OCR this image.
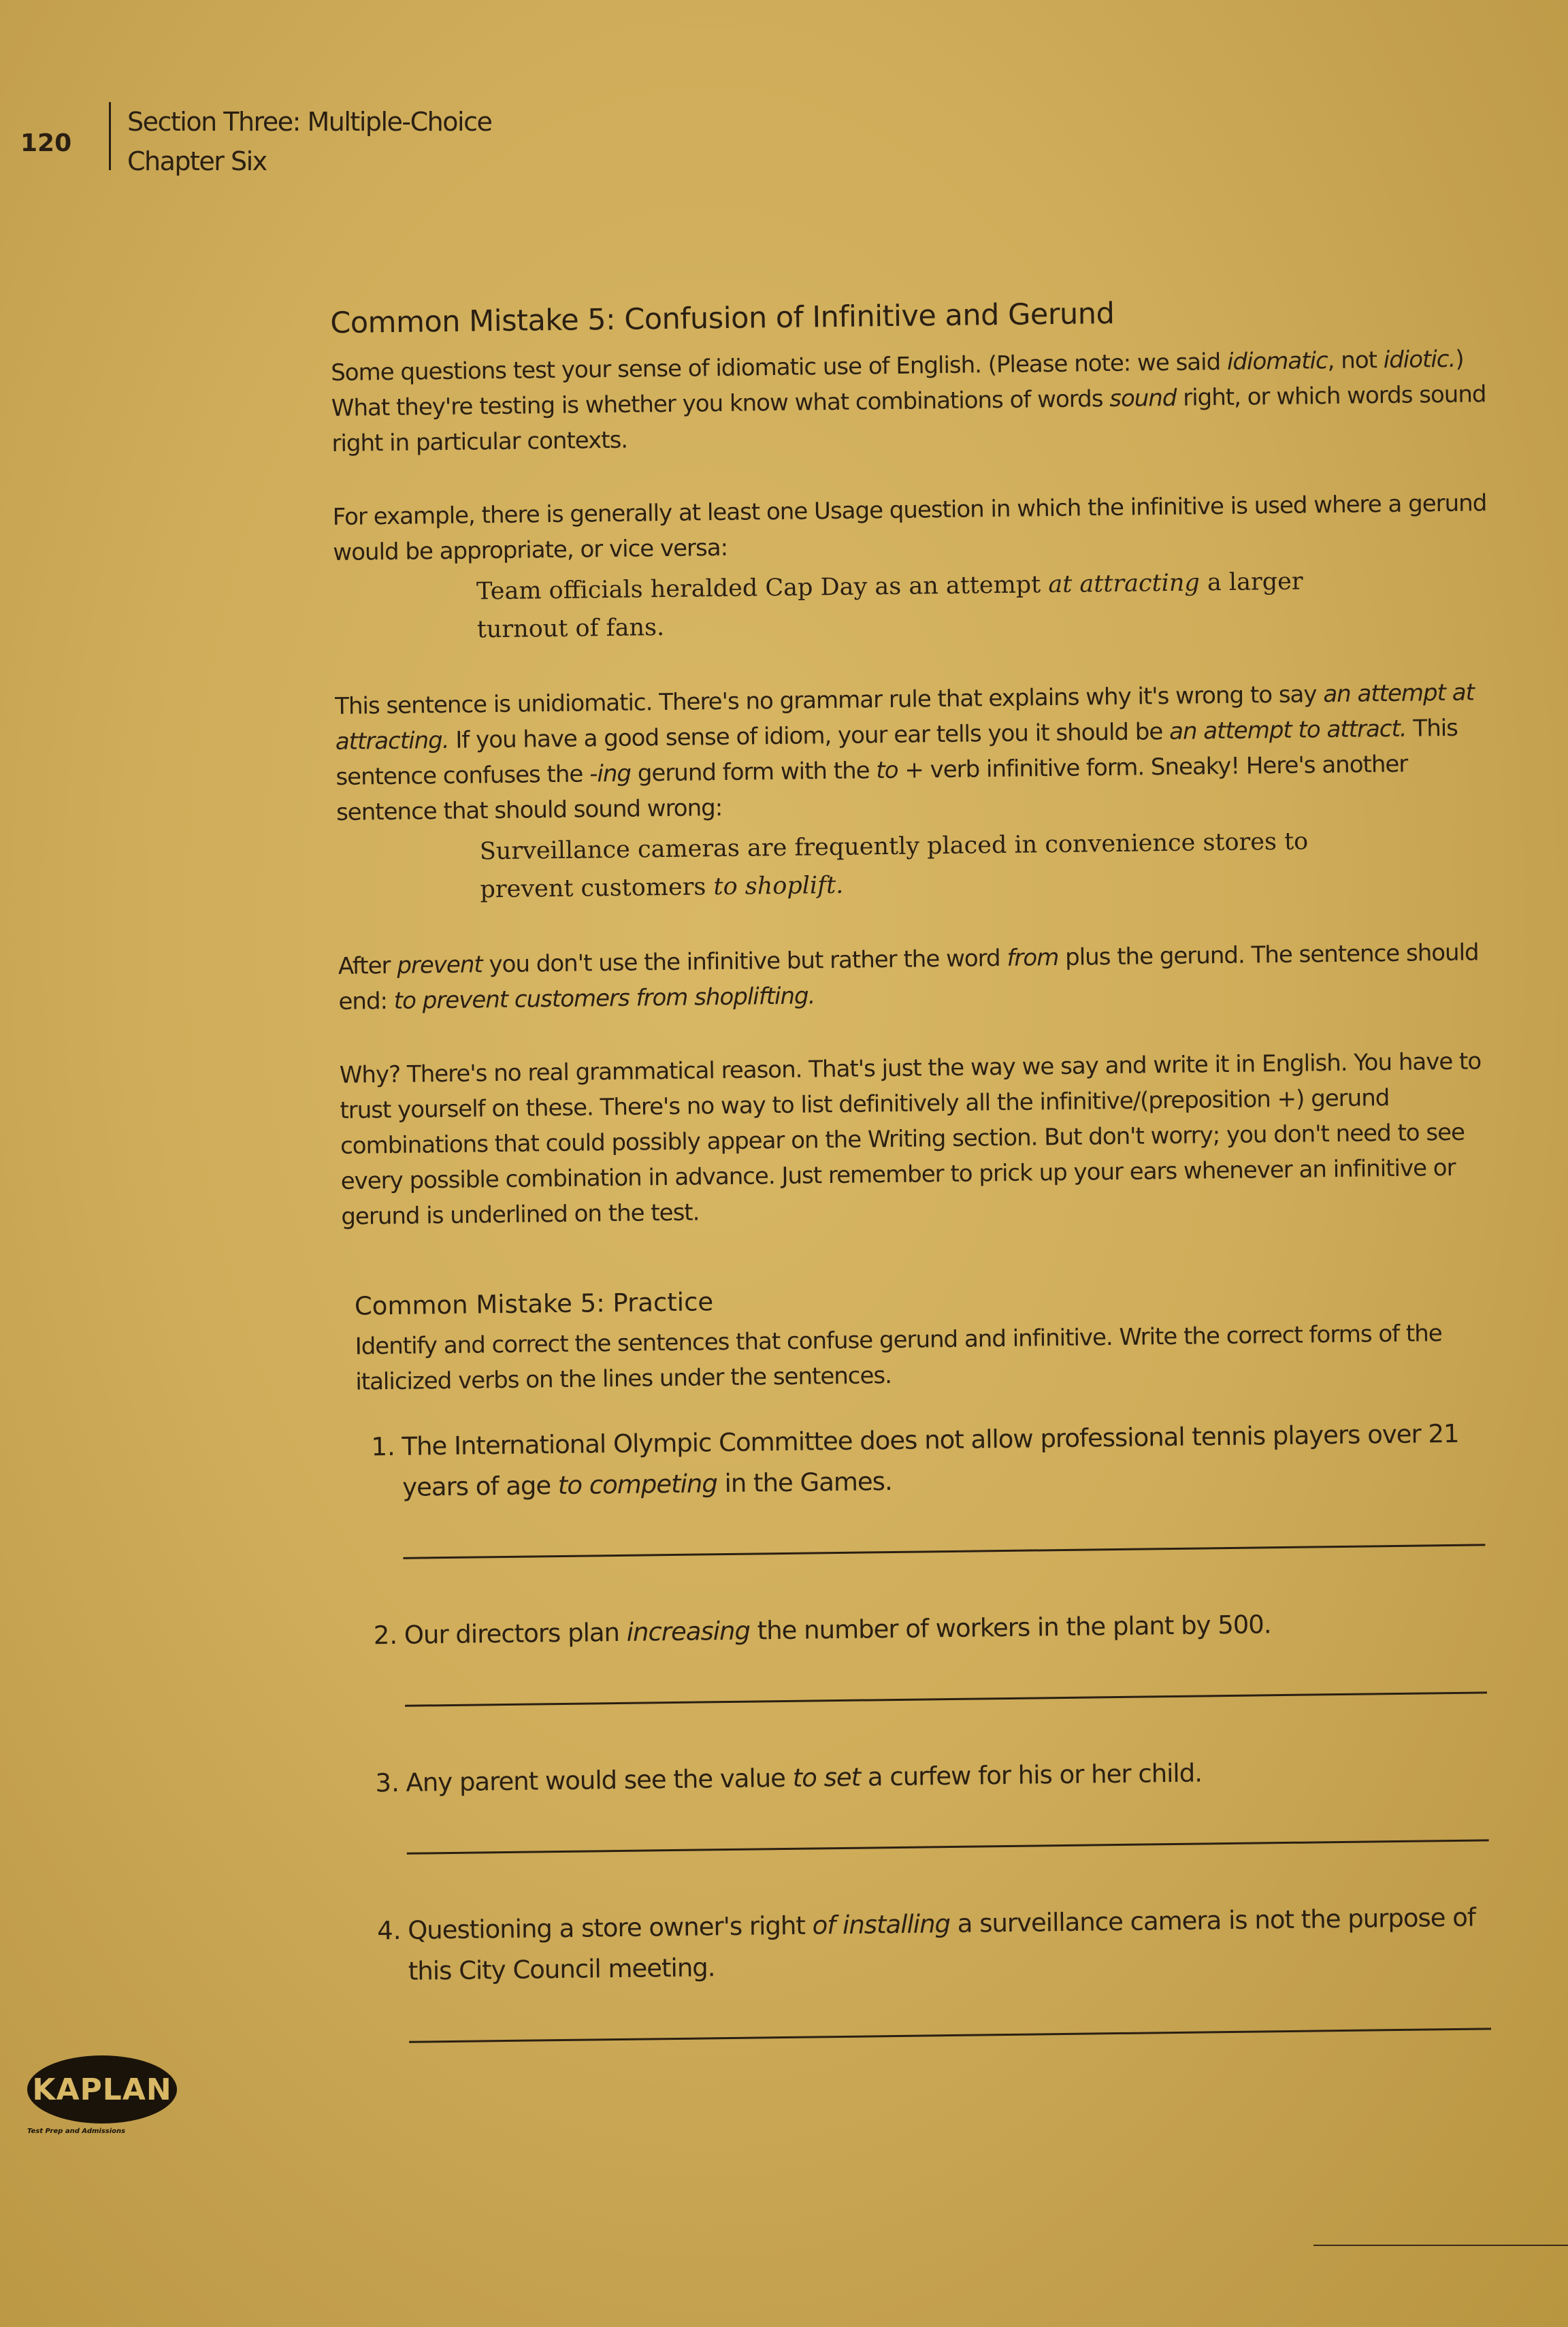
120
Section Three: Multiple-Choice
Chapter Six
Common Mistake 5: Confusion of Infinitive and Gerund

Some questions test your sense of idiomatic use of English. (Please note: we said idiomatic, not idiotic.) What they're testing is whether you know what combinations of words sound right, or which words sound right in particular contexts.

For example, there is generally at least one Usage question in which the infinitive is used where a gerund would be appropriate, or vice versa:

Team officials heralded Cap Day as an attempt at attracting a larger turnout of fans.

This sentence is unidiomatic. There's no grammar rule that explains why it's wrong to say an attempt at attracting. If you have a good sense of idiom, your ear tells you it should be an attempt to attract. This sentence confuses the -ing gerund form with the to + verb infinitive form. Sneaky! Here's another sentence that should sound wrong:

Surveillance cameras are frequently placed in convenience stores to prevent customers to shoplift.

After prevent you don't use the infinitive but rather the word from plus the gerund. The sentence should end: to prevent customers from shoplifting.

Why? There's no real grammatical reason. That's just the way we say and write it in English. You have to trust yourself on these. There's no way to list definitively all the infinitive/(preposition +) gerund combinations that could possibly appear on the Writing section. But don't worry; you don't need to see every possible combination in advance. Just remember to prick up your ears whenever an infinitive or gerund is underlined on the test.

Common Mistake 5: Practice

Identify and correct the sentences that confuse gerund and infinitive. Write the correct forms of the italicized verbs on the lines under the sentences.

1. The International Olympic Committee does not allow professional tennis players over 21 years of age to competing in the Games.
2. Our directors plan increasing the number of workers in the plant by 500.
3. Any parent would see the value to set a curfew for his or her child.
4. Questioning a store owner's right of installing a surveillance camera is not the purpose of this City Council meeting.
KAPLAN
Test Prep and Admissions
